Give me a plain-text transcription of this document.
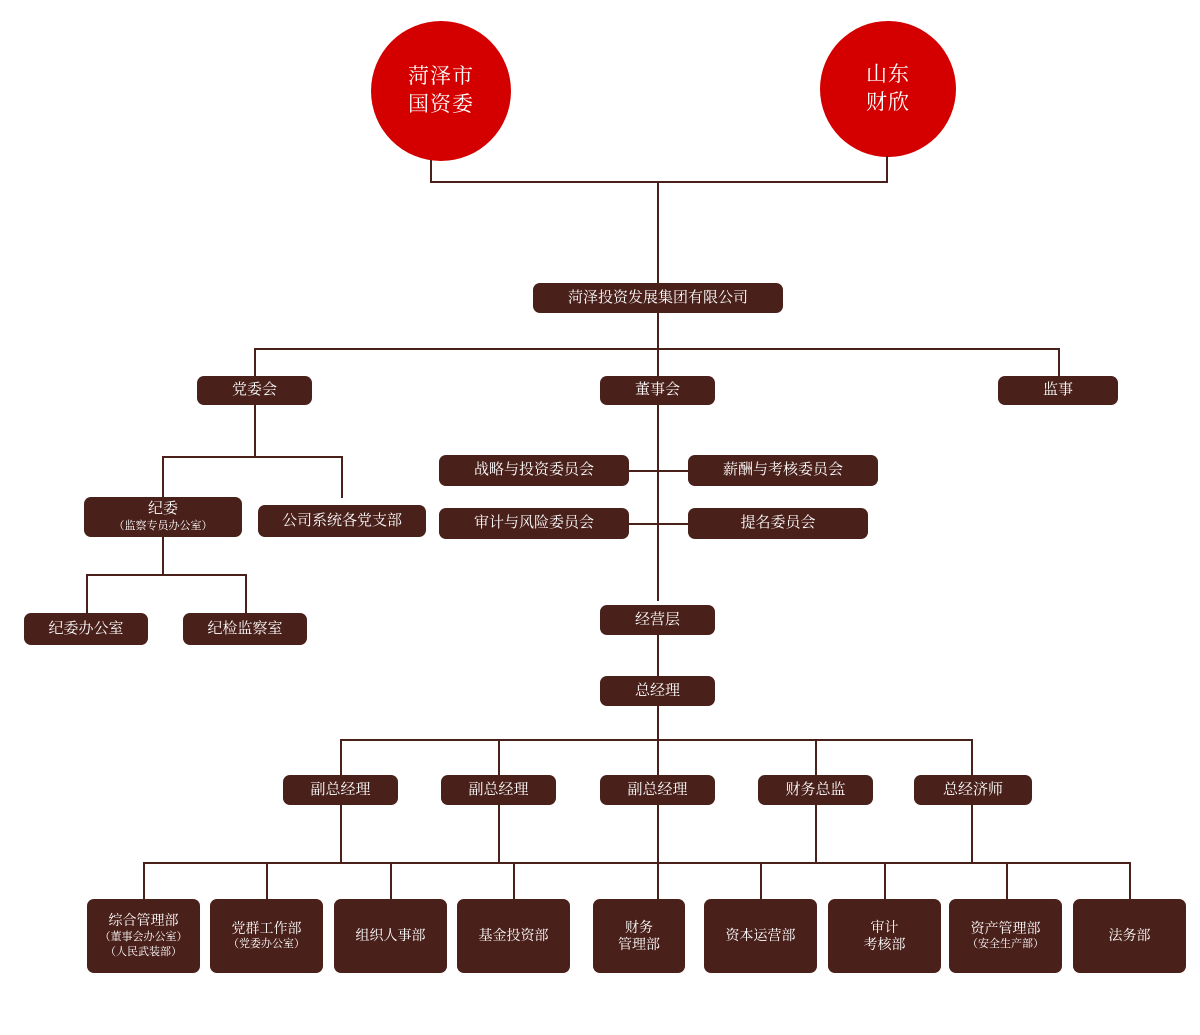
菏泽市
国资委
山东
财欣
菏泽投资发展集团有限公司
党委会	董事会	监事
纪委
（监察专员办公室）	公司系统各党支部
纪委办公室	纪检监察室
战略与投资委员会	薪酬与考核委员会
审计与风险委员会	提名委员会
经营层
总经理
副总经理	副总经理	副总经理	财务总监	总经济师
综合管理部
（董事会办公室）
（人民武装部）
党群工作部
（党委办公室）
组织人事部	基金投资部
财务
管理部
资本运营部
审计
考核部
资产管理部
（安全生产部）
法务部
